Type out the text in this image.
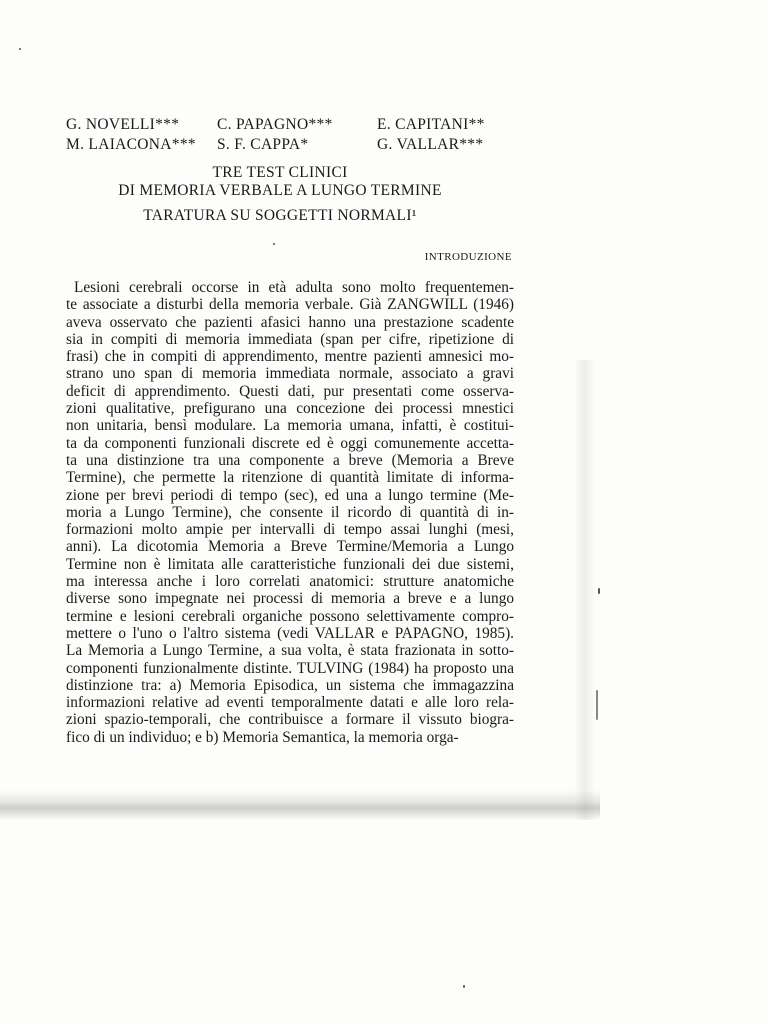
G. NOVELLI***	C. PAPAGNO***	E. CAPITANI**
M. LAIACONA***	S. F. CAPPA*	G. VALLAR***
TRE TEST CLINICI
DI MEMORIA VERBALE A LUNGO TERMINE
TARATURA SU SOGGETTI NORMALI¹
INTRODUZIONE
Lesioni cerebrali occorse in età adulta sono molto frequentemen-
te associate a disturbi della memoria verbale. Già ZANGWILL (1946)
aveva osservato che pazienti afasici hanno una prestazione scadente
sia in compiti di memoria immediata (span per cifre, ripetizione di
frasi) che in compiti di apprendimento, mentre pazienti amnesici mo-
strano uno span di memoria immediata normale, associato a gravi
deficit di apprendimento. Questi dati, pur presentati come osserva-
zioni qualitative, prefigurano una concezione dei processi mnestici
non unitaria, bensì modulare. La memoria umana, infatti, è costitui-
ta da componenti funzionali discrete ed è oggi comunemente accetta-
ta una distinzione tra una componente a breve (Memoria a Breve
Termine), che permette la ritenzione di quantità limitate di informa-
zione per brevi periodi di tempo (sec), ed una a lungo termine (Me-
moria a Lungo Termine), che consente il ricordo di quantità di in-
formazioni molto ampie per intervalli di tempo assai lunghi (mesi,
anni). La dicotomia Memoria a Breve Termine/Memoria a Lungo
Termine non è limitata alle caratteristiche funzionali dei due sistemi,
ma interessa anche i loro correlati anatomici: strutture anatomiche
diverse sono impegnate nei processi di memoria a breve e a lungo
termine e lesioni cerebrali organiche possono selettivamente compro-
mettere o l'uno o l'altro sistema (vedi VALLAR e PAPAGNO, 1985).
La Memoria a Lungo Termine, a sua volta, è stata frazionata in sotto-
componenti funzionalmente distinte. TULVING (1984) ha proposto una
distinzione tra: a) Memoria Episodica, un sistema che immagazzina
informazioni relative ad eventi temporalmente datati e alle loro rela-
zioni spazio-temporali, che contribuisce a formare il vissuto biogra-
fico di un individuo; e b) Memoria Semantica, la memoria orga-
